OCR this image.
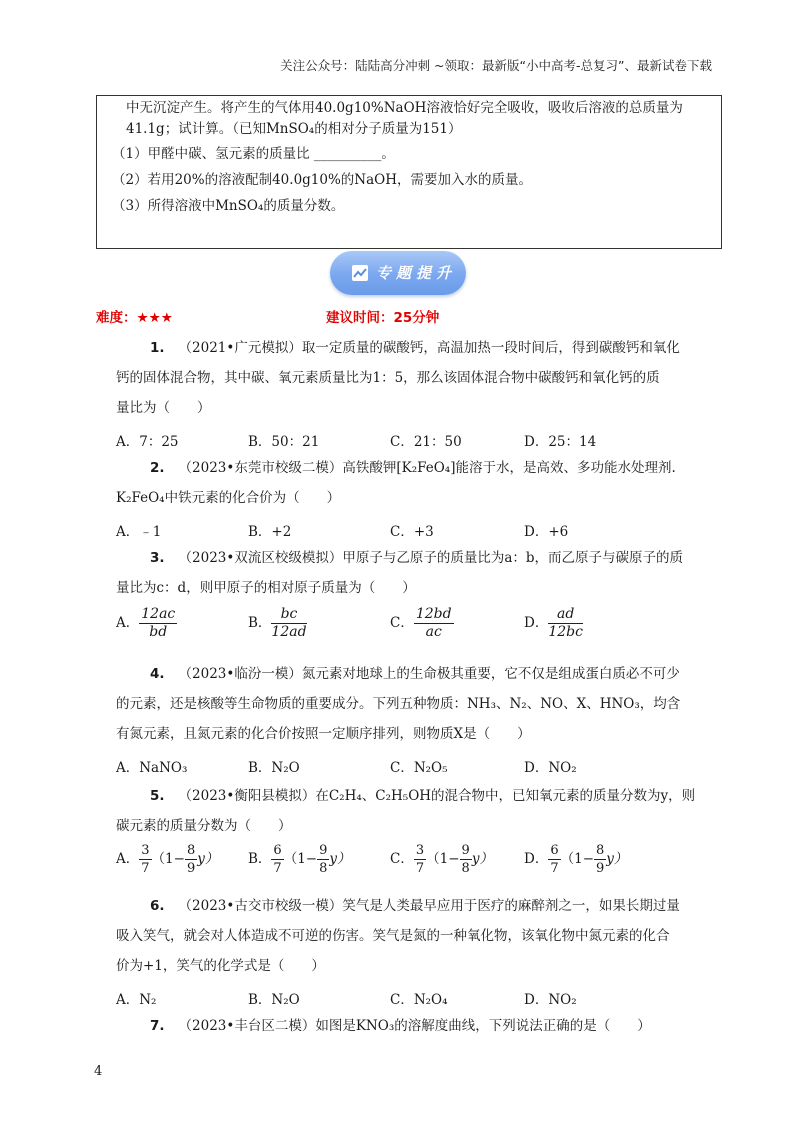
关注公众号：陆陆高分冲刺 ~领取：最新版“小中高考-总复习”、最新试卷下载
中无沉淀产生。将产生的气体用40.0g10%NaOH溶液恰好完全吸收，吸收后溶液的总质量为
41.1g；试计算。（已知MnSO₄的相对分子质量为151）
（1）甲醛中碳、氢元素的质量比 __________。
（2）若用20%的溶液配制40.0g10%的NaOH，需要加入水的质量。
（3）所得溶液中MnSO₄的质量分数。
专题提升
难度：★★★	建议时间：25分钟
1. （2021•广元模拟）取一定质量的碳酸钙，高温加热一段时间后，得到碳酸钙和氧化
钙的固体混合物，其中碳、氧元素质量比为1：5，那么该固体混合物中碳酸钙和氧化钙的质
量比为（　　）
A．7：25	B．50：21	C．21：50	D．25：14
2. （2023•东莞市校级二模）高铁酸钾[K₂FeO₄]能溶于水，是高效、多功能水处理剂.
K₂FeO₄中铁元素的化合价为（　　）
A．﹣1	B．+2	C．+3	D．+6
3. （2023•双流区校级模拟）甲原子与乙原子的质量比为a：b，而乙原子与碳原子的质
量比为c：d，则甲原子的相对原子质量为（　　）
A． $\frac{12ac}{bd}$	B． $\frac{bc}{12ad}$	C． $\frac{12bd}{ac}$	D． $\frac{ad}{12bc}$
4. （2023•临汾一模）氮元素对地球上的生命极其重要，它不仅是组成蛋白质必不可少
的元素，还是核酸等生命物质的重要成分。下列五种物质：NH₃、N₂、NO、X、HNO₃，均含
有氮元素，且氮元素的化合价按照一定顺序排列，则物质X是（　　）
A．NaNO₃	B．N₂O	C．N₂O₅	D．NO₂
5. （2023•衡阳县模拟）在C₂H₄、C₂H₅OH的混合物中，已知氧元素的质量分数为y，则
碳元素的质量分数为（　　）
A． $\frac{3}{7} (1- \frac{8}{9} y)$ B． $\frac{6}{7} (1- \frac{9}{8} y)$	C． $\frac{3}{7} (1- \frac{9}{8} y)$ D． $\frac{6}{7} (1- \frac{8}{9} y)$
6. （2023•古交市校级一模）笑气是人类最早应用于医疗的麻醉剂之一，如果长期过量
吸入笑气，就会对人体造成不可逆的伤害。笑气是氮的一种氧化物，该氧化物中氮元素的化合
价为+1，笑气的化学式是（　　）
A．N₂	B．N₂O	C．N₂O₄	D．NO₂
7. （2023•丰台区二模）如图是KNO₃的溶解度曲线，下列说法正确的是（　　）
4
